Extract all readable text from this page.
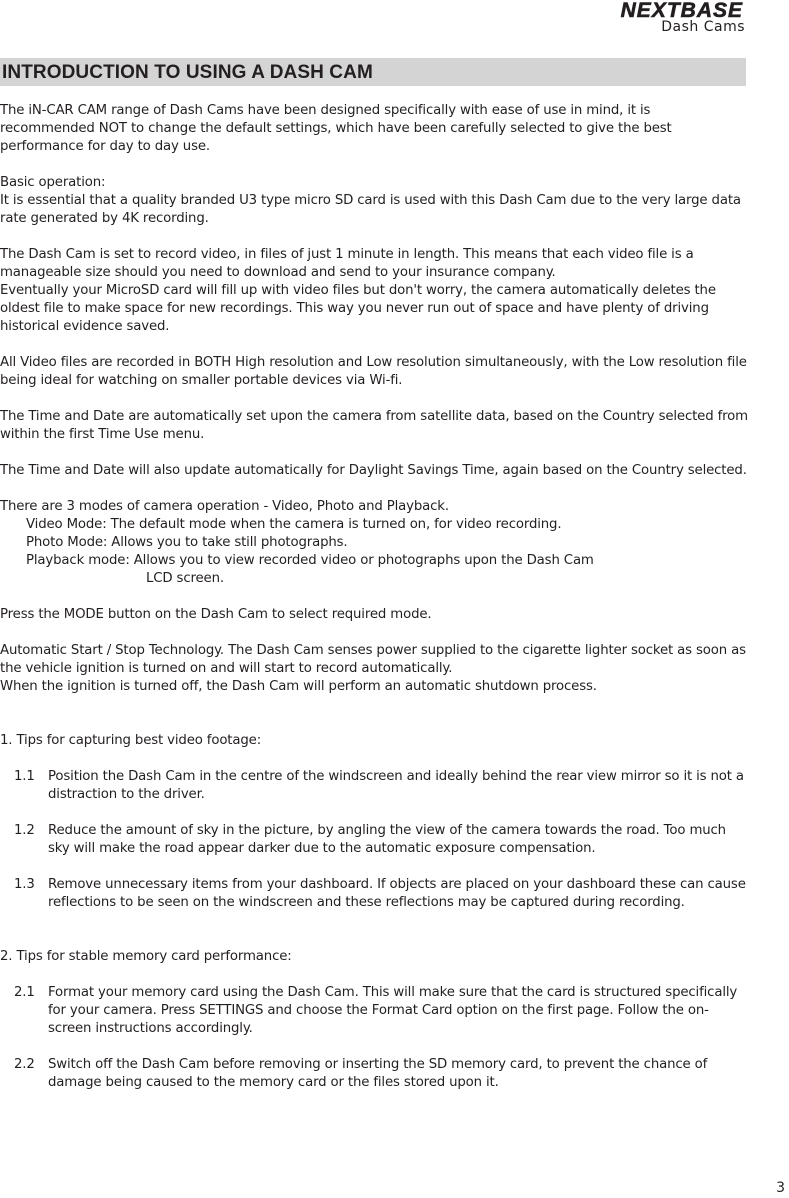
NEXTBASE
Dash Cams
INTRODUCTION TO USING A DASH CAM

The iN-CAR CAM range of Dash Cams have been designed specifically with ease of use in mind, it is recommended NOT to change the default settings, which have been carefully selected to give the best performance for day to day use.

Basic operation:
It is essential that a quality branded U3 type micro SD card is used with this Dash Cam due to the very large data rate generated by 4K recording.

The Dash Cam is set to record video, in files of just 1 minute in length. This means that each video file is a manageable size should you need to download and send to your insurance company.
Eventually your MicroSD card will fill up with video files but don't worry, the camera automatically deletes the oldest file to make space for new recordings. This way you never run out of space and have plenty of driving historical evidence saved.

All Video files are recorded in BOTH High resolution and Low resolution simultaneously, with the Low resolution file being ideal for watching on smaller portable devices via Wi-fi.

The Time and Date are automatically set upon the camera from satellite data, based on the Country selected from within the first Time Use menu.

The Time and Date will also update automatically for Daylight Savings Time, again based on the Country selected.

There are 3 modes of camera operation - Video, Photo and Playback.
Video Mode: The default mode when the camera is turned on, for video recording.
Photo Mode: Allows you to take still photographs.
Playback mode: Allows you to view recorded video or photographs upon the Dash Cam
LCD screen.

Press the MODE button on the Dash Cam to select required mode.

Automatic Start / Stop Technology. The Dash Cam senses power supplied to the cigarette lighter socket as soon as the vehicle ignition is turned on and will start to record automatically.
When the ignition is turned off, the Dash Cam will perform an automatic shutdown process.

1. Tips for capturing best video footage:

1.1 Position the Dash Cam in the centre of the windscreen and ideally behind the rear view mirror so it is not a distraction to the driver.

1.2 Reduce the amount of sky in the picture, by angling the view of the camera towards the road. Too much sky will make the road appear darker due to the automatic exposure compensation.

1.3 Remove unnecessary items from your dashboard. If objects are placed on your dashboard these can cause reflections to be seen on the windscreen and these reflections may be captured during recording.

2. Tips for stable memory card performance:

2.1 Format your memory card using the Dash Cam. This will make sure that the card is structured specifically for your camera. Press SETTINGS and choose the Format Card option on the first page. Follow the on-screen instructions accordingly.

2.2 Switch off the Dash Cam before removing or inserting the SD memory card, to prevent the chance of damage being caused to the memory card or the files stored upon it.

3
